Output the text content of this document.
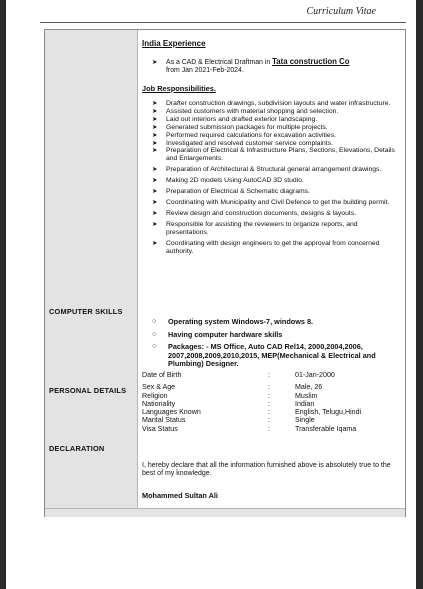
Curriculum Vitae
COMPUTER SKILLS
PERSONAL DETAILS
DECLARATION
India Experience
➤ As a CAD & Electrical Draftman in Tata construction Co
from Jan 2021-Feb-2024.
Job Responsibilities.
➤ Drafter construction drawings, subdivision layouts and water infrastructure.
➤ Assisted customers with material shopping and selection.
➤ Laid out interiors and drafted exterior landscaping.
➤ Generated submission packages for multiple projects.
➤ Performed required calculations for excavation activities.
➤ Investigated and resolved customer service complaints.
➤ Preparation of Electrical & Infrastructure Plans, Sections, Elevations, Details and Enlargements.
➤ Preparation of Architectural & Structural general arrangement drawings.
➤ Making 2D models Using AutoCAD 3D studio.
➤ Preparation of Electrical & Schematic diagrams.
➤ Coordinating with Municipality and Civil Defence to get the building permit.
➤ Review design and construction documents, designs & layouts.
➤ Responsible for assisting the reviewers to organize reports, and presentations.
➤ Coordinating with design engineers to get the approval from concerned authority.
○ Operating system Windows-7, windows 8.
○ Having computer hardware skills
○ Packages: - MS Office, Auto CAD Rel14, 2000,2004,2006, 2007,2008,2009,2010,2015, MEP(Mechanical & Electrical and Plumbing) Designer.
Date of Birth	:	01-Jan-2000
Sex & Age	:	Male, 26
Religion	:	Muslim
Nationality	:	Indian
Languages Known	:	English, Telugu,Hindi
Marital Status	:	Single
Visa Status	:	Transferable Iqama
I, hereby declare that all the information furnished above is absolutely true to the best of my knowledge.
Mohammed Sultan Ali
